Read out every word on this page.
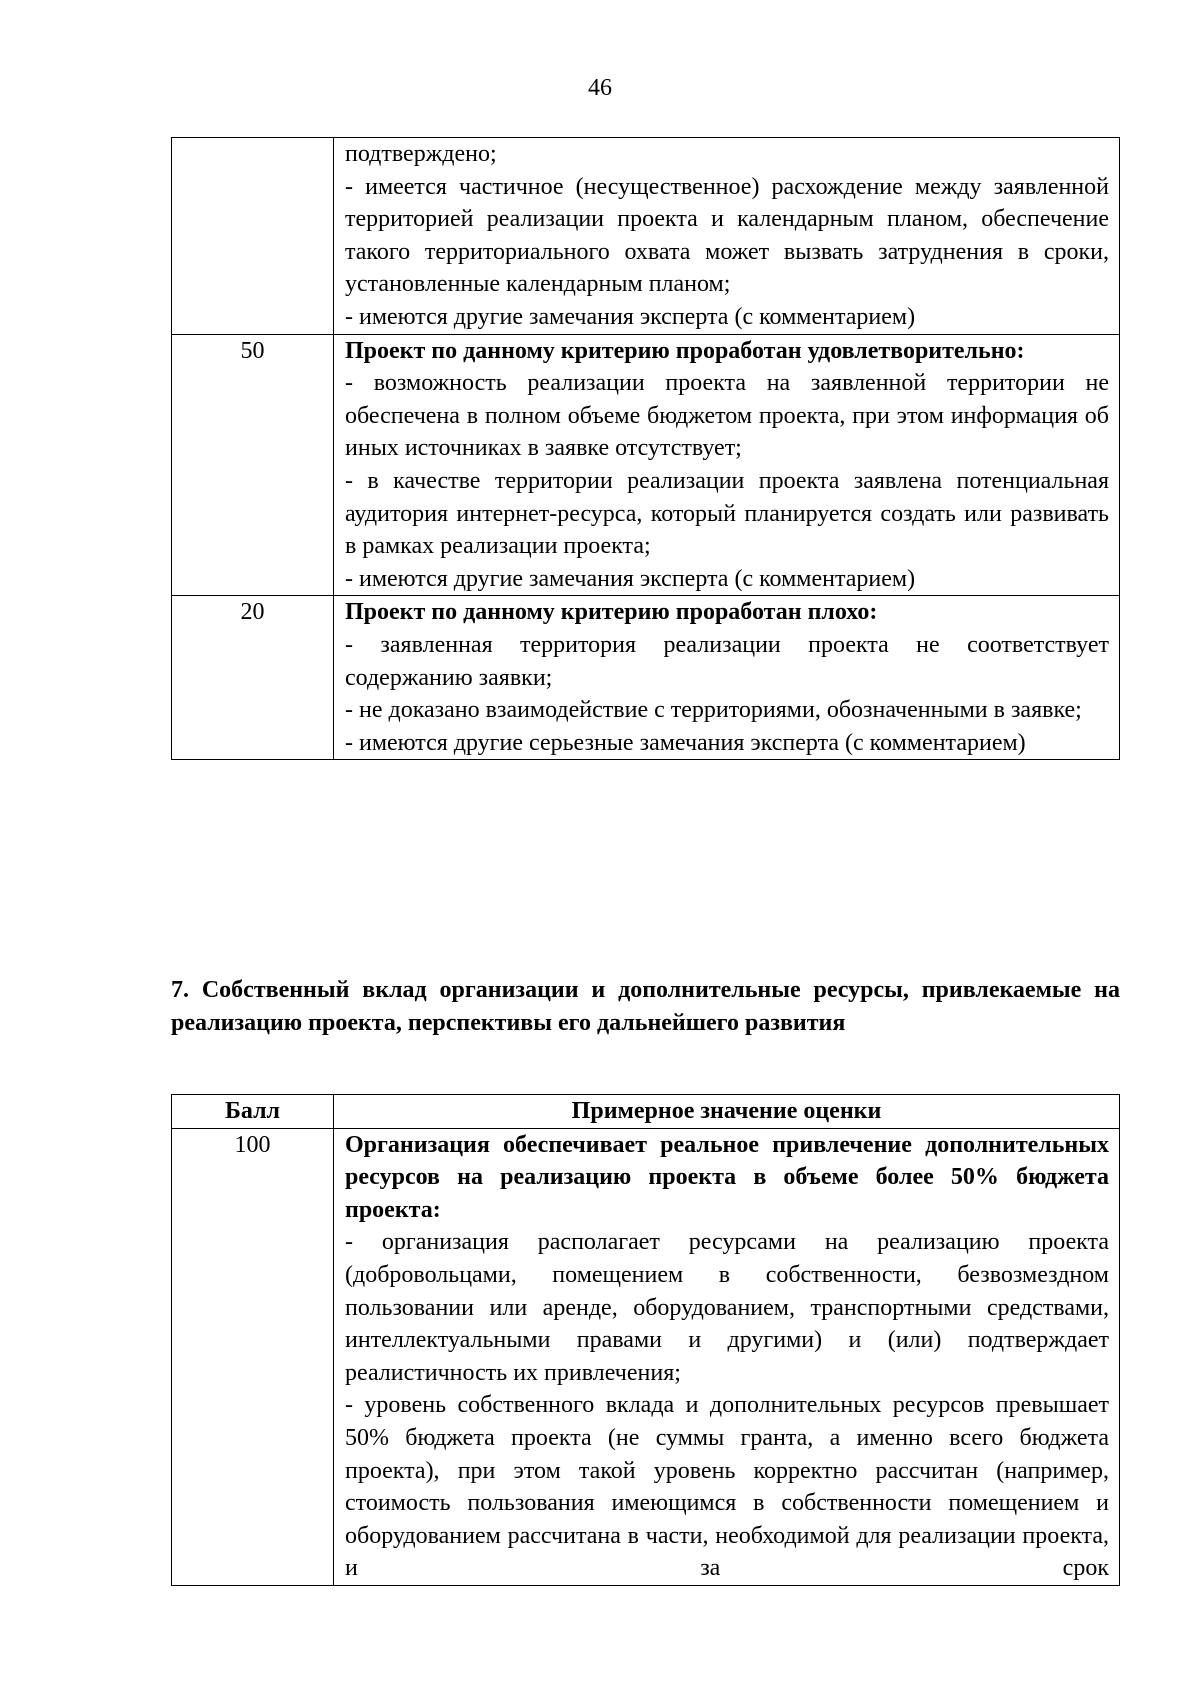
46

	подтверждено;
- имеется частичное (несущественное) расхождение между заявленной территорией реализации проекта и календарным планом, обеспечение такого территориального охвата может вызвать затруднения в сроки, установленные календарным планом;
- имеются другие замечания эксперта (с комментарием)

50	Проект по данному критерию проработан удовлетворительно:
- возможность реализации проекта на заявленной территории не обеспечена в полном объеме бюджетом проекта, при этом информация об иных источниках в заявке отсутствует;
- в качестве территории реализации проекта заявлена потенциальная аудитория интернет-ресурса, который планируется создать или развивать в рамках реализации проекта;
- имеются другие замечания эксперта (с комментарием)

20	Проект по данному критерию проработан плохо:
- заявленная территория реализации проекта не соответствует содержанию заявки;
- не доказано взаимодействие с территориями, обозначенными в заявке;
- имеются другие серьезные замечания эксперта (с комментарием)
7. Собственный вклад организации и дополнительные ресурсы, привлекаемые на реализацию проекта, перспективы его дальнейшего развития
Балл	Примерное значение оценки
100	Организация обеспечивает реальное привлечение дополнительных ресурсов на реализацию проекта в объеме более 50% бюджета проекта:
- организация располагает ресурсами на реализацию проекта (добровольцами, помещением в собственности, безвозмездном пользовании или аренде, оборудованием, транспортными средствами, интеллектуальными правами и другими) и (или) подтверждает реалистичность их привлечения;
- уровень собственного вклада и дополнительных ресурсов превышает 50% бюджета проекта (не суммы гранта, а именно всего бюджета проекта), при этом такой уровень корректно рассчитан (например, стоимость пользования имеющимся в собственности помещением и оборудованием рассчитана в части, необходимой для реализации проекта, и за срок
